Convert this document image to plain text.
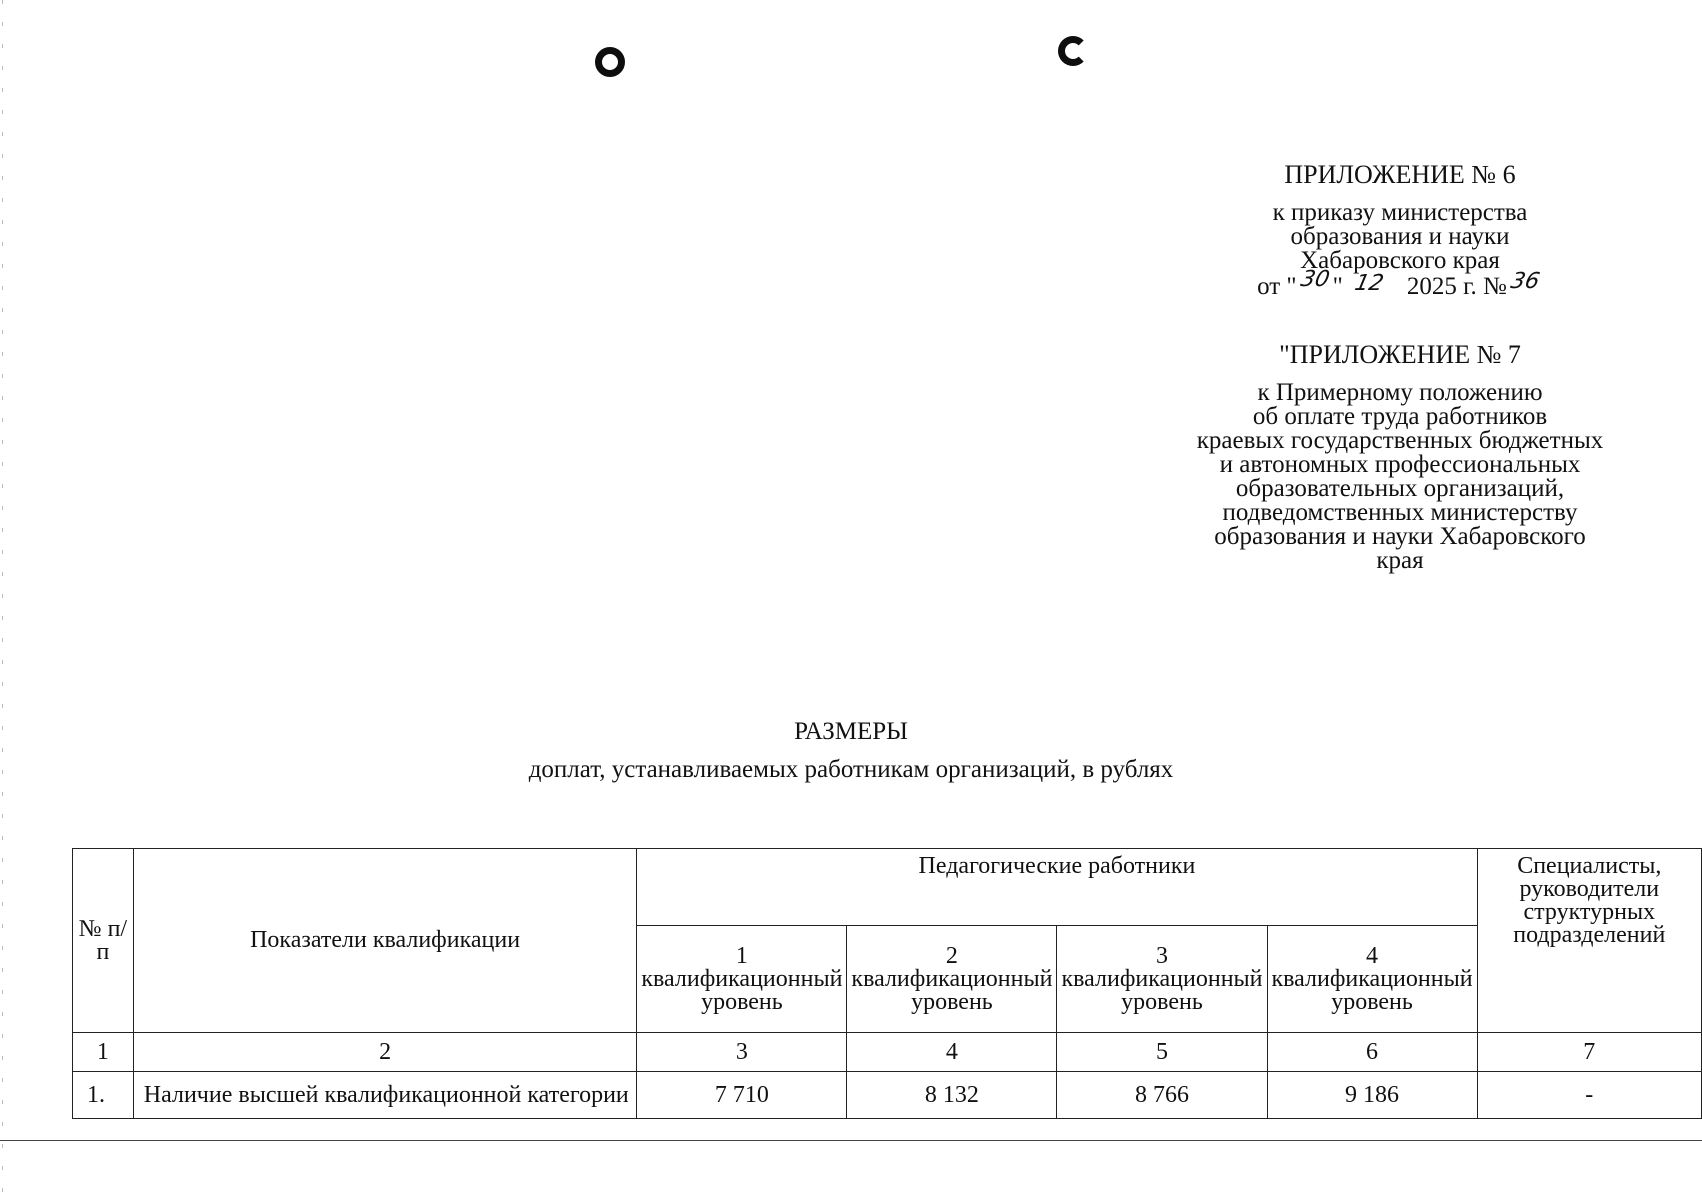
ПРИЛОЖЕНИЕ № 6
к приказу министерства
образования и науки
Хабаровского края
от "30" 12 2025 г. №36
"ПРИЛОЖЕНИЕ № 7
к Примерному положению
об оплате труда работников
краевых государственных бюджетных
и автономных профессиональных
образовательных организаций,
подведомственных министерству
образования и науки Хабаровского
края
РАЗМЕРЫ
доплат, устанавливаемых работникам организаций, в рублях
№ п/п	Показатели квалификации	Педагогические работники				Специалисты, руководители структурных подразделений
		1 квалификационный уровень	2 квалификационный уровень	3 квалификационный уровень	4 квалификационный уровень	
1	2	3	4	5	6	7
1.	Наличие высшей квалификационной категории	7 710	8 132	8 766	9 186	-
